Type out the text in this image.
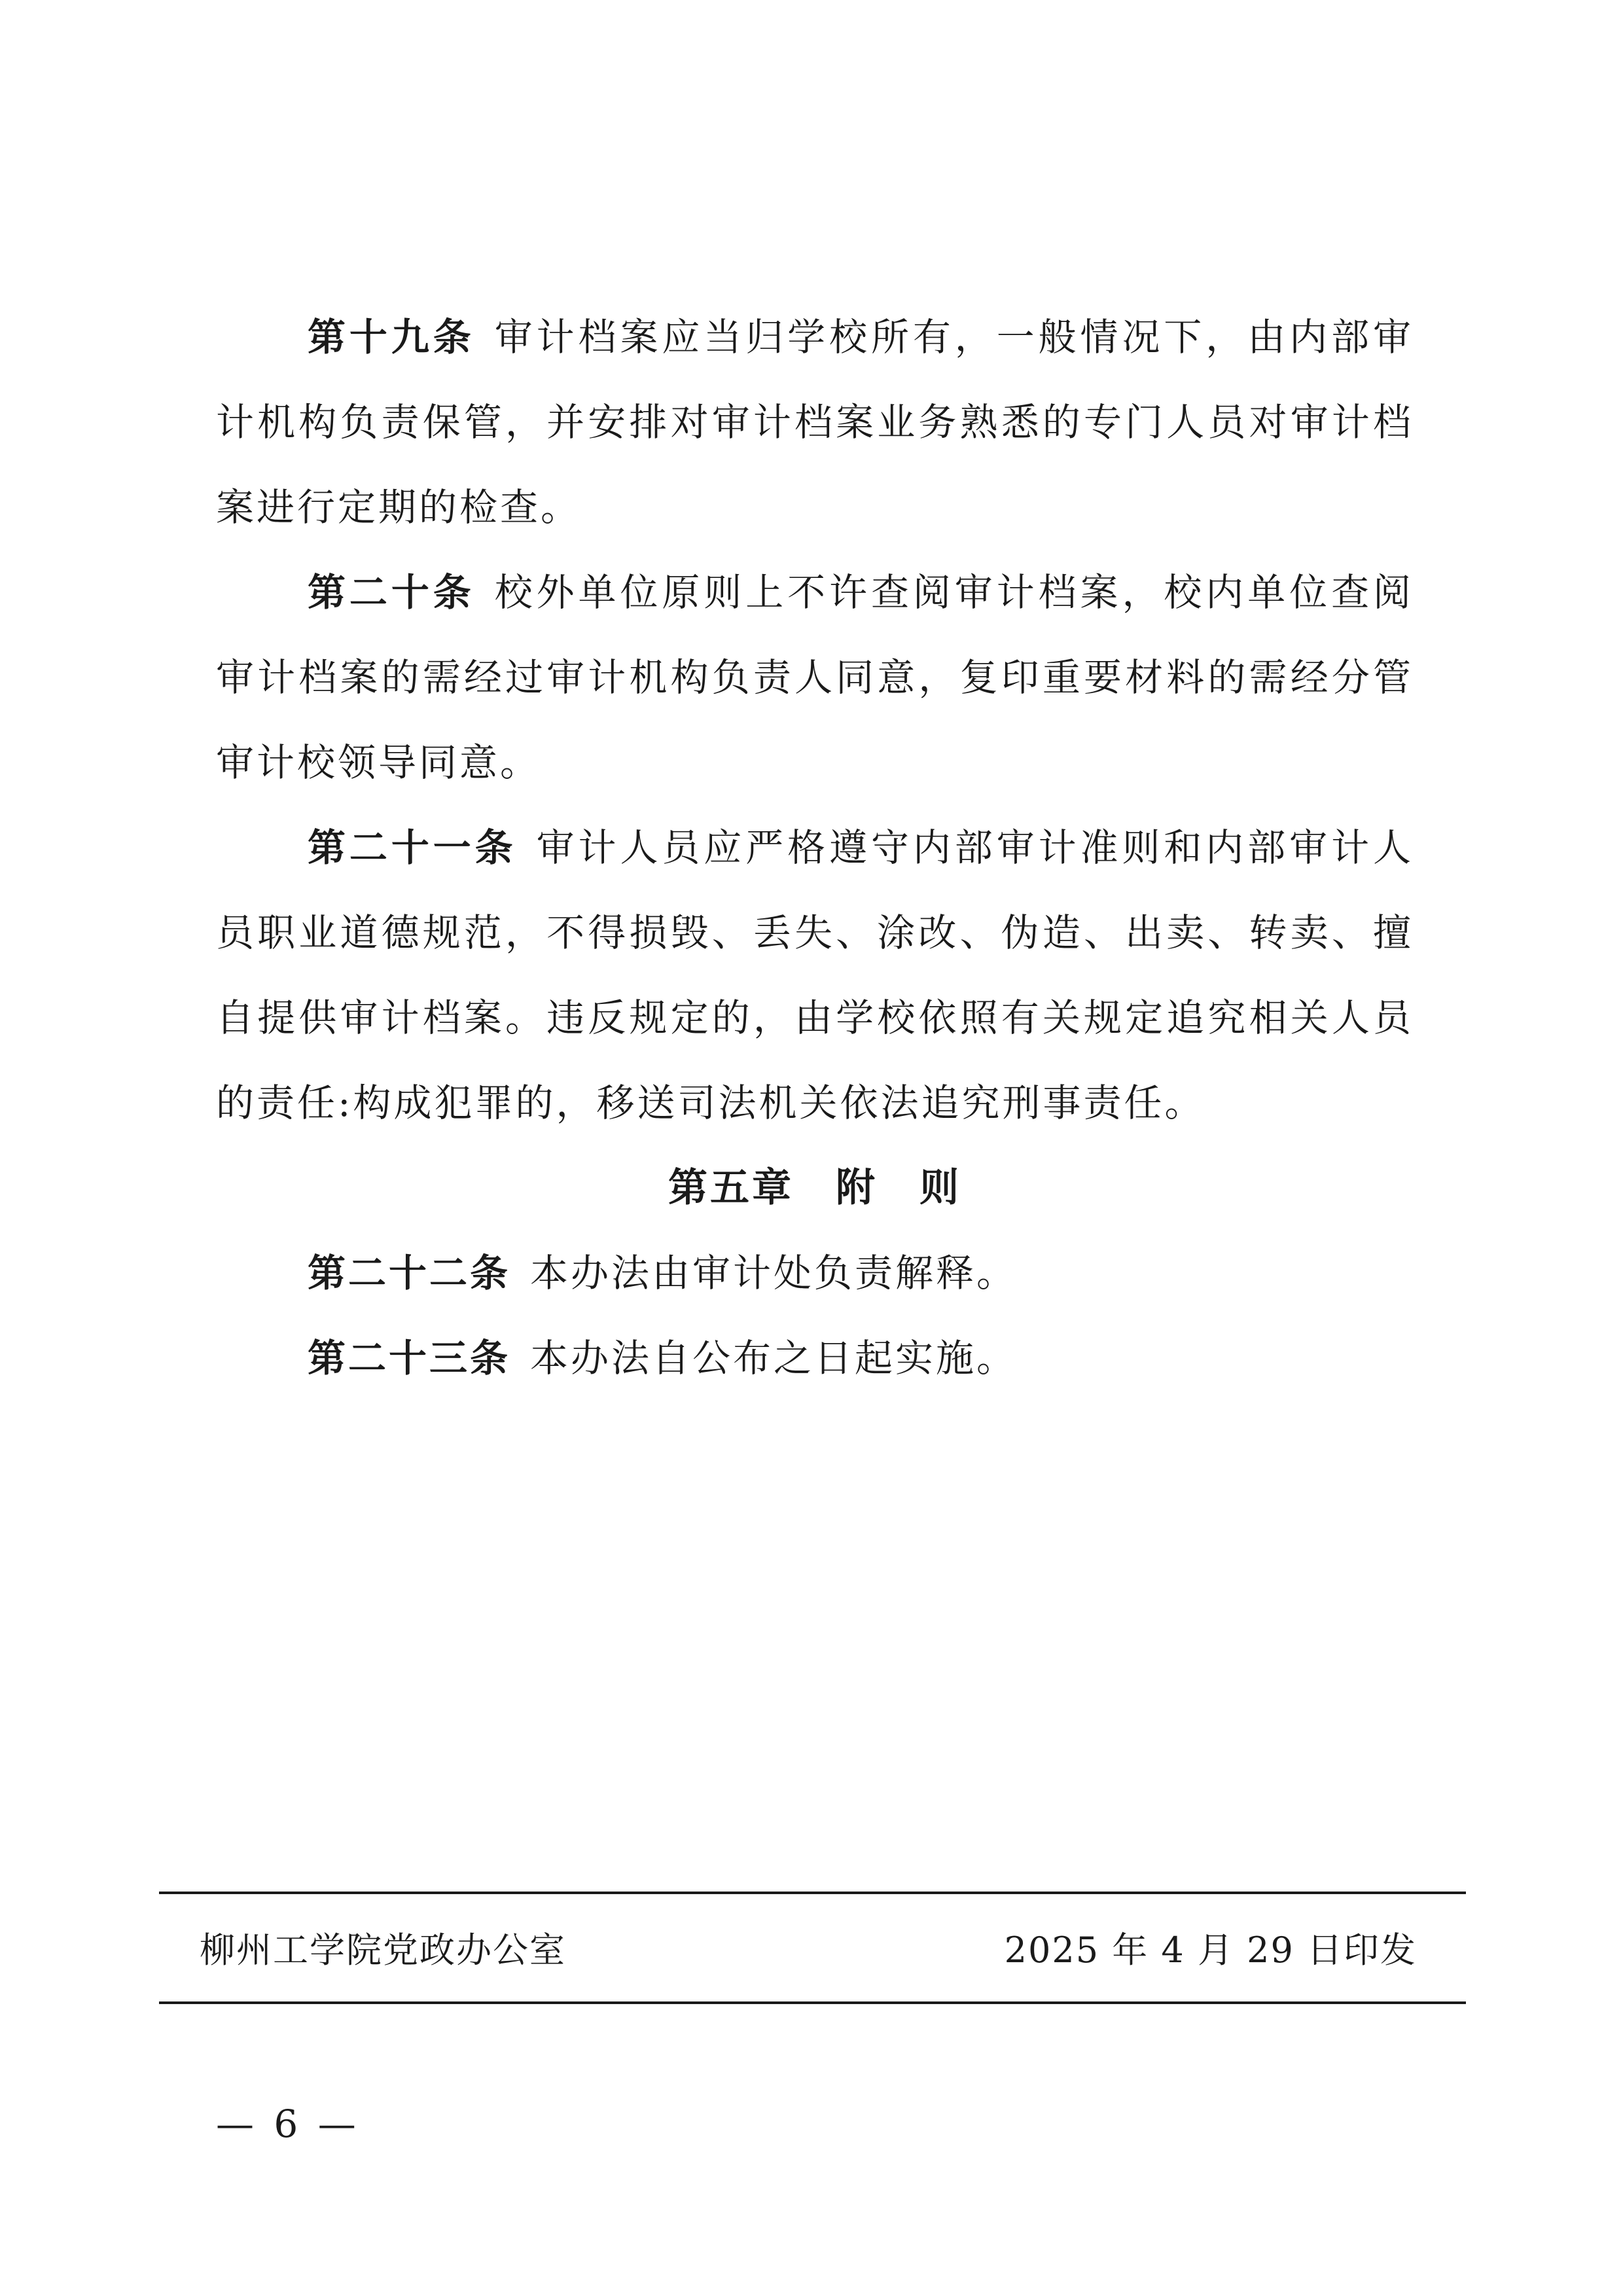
第十九条 审计档案应当归学校所有，一般情况下，由内部审计机构负责保管，并安排对审计档案业务熟悉的专门人员对审计档案进行定期的检查。

第二十条 校外单位原则上不许查阅审计档案，校内单位查阅审计档案的需经过审计机构负责人同意，复印重要材料的需经分管审计校领导同意。

第二十一条 审计人员应严格遵守内部审计准则和内部审计人员职业道德规范，不得损毁、丢失、涂改、伪造、出卖、转卖、擅自提供审计档案。违反规定的，由学校依照有关规定追究相关人员的责任:构成犯罪的，移送司法机关依法追究刑事责任。

第五章　附　则

第二十二条 本办法由审计处负责解释。

第二十三条 本办法自公布之日起实施。

柳州工学院党政办公室	2025 年 4 月 29 日印发
— 6 —
